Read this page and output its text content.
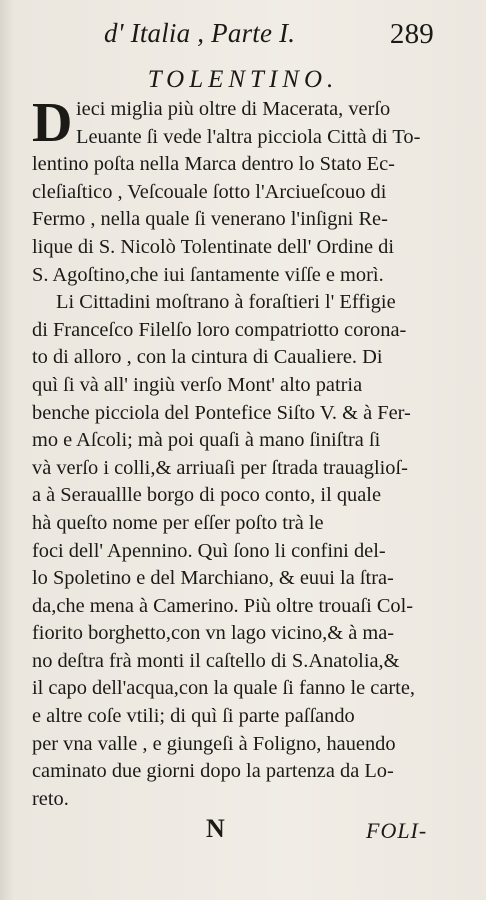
d' Italia , Parte I.	289
TOLENTINO.
D ieci miglia più oltre di Macerata, verſo
Leuante ſi vede l'altra picciola Città di To-
lentino poſta nella Marca dentro lo Stato Ec-
cleſiaſtico , Veſcouale ſotto l'Arciueſcouo di
Fermo , nella quale ſi venerano l'inſigni Re-
lique di S. Nicolò Tolentinate dell' Ordine di
S. Agoſtino,che iui ſantamente viſſe e morì.
Li Cittadini moſtrano à foraſtieri l' Effigie
di Franceſco Filelſo loro compatriotto corona-
to di alloro , con la cintura di Caualiere. Di
quì ſi và all' ingiù verſo Mont' alto patria
benche picciola del Pontefice Siſto V. & à Fer-
mo e Aſcoli; mà poi quaſi à mano ſiniſtra ſi
và verſo i colli,& arriuaſi per ſtrada trauaglioſ-
a à Serauallle borgo di poco conto, il quale
hà queſto nome per eſſer poſto trà le
foci dell' Apennino. Quì ſono li confini del-
lo Spoletino e del Marchiano, & euui la ſtra-
da,che mena à Camerino. Più oltre trouaſi Col-
fiorito borghetto,con vn lago vicino,& à ma-
no deſtra frà monti il caſtello di S.Anatolia,&
il capo dell'acqua,con la quale ſi fanno le carte,
e altre coſe vtili; di quì ſi parte paſſando
per vna valle , e giungeſi à Foligno, hauendo
caminato due giorni dopo la partenza da Lo-
reto.
N	FOLI-
